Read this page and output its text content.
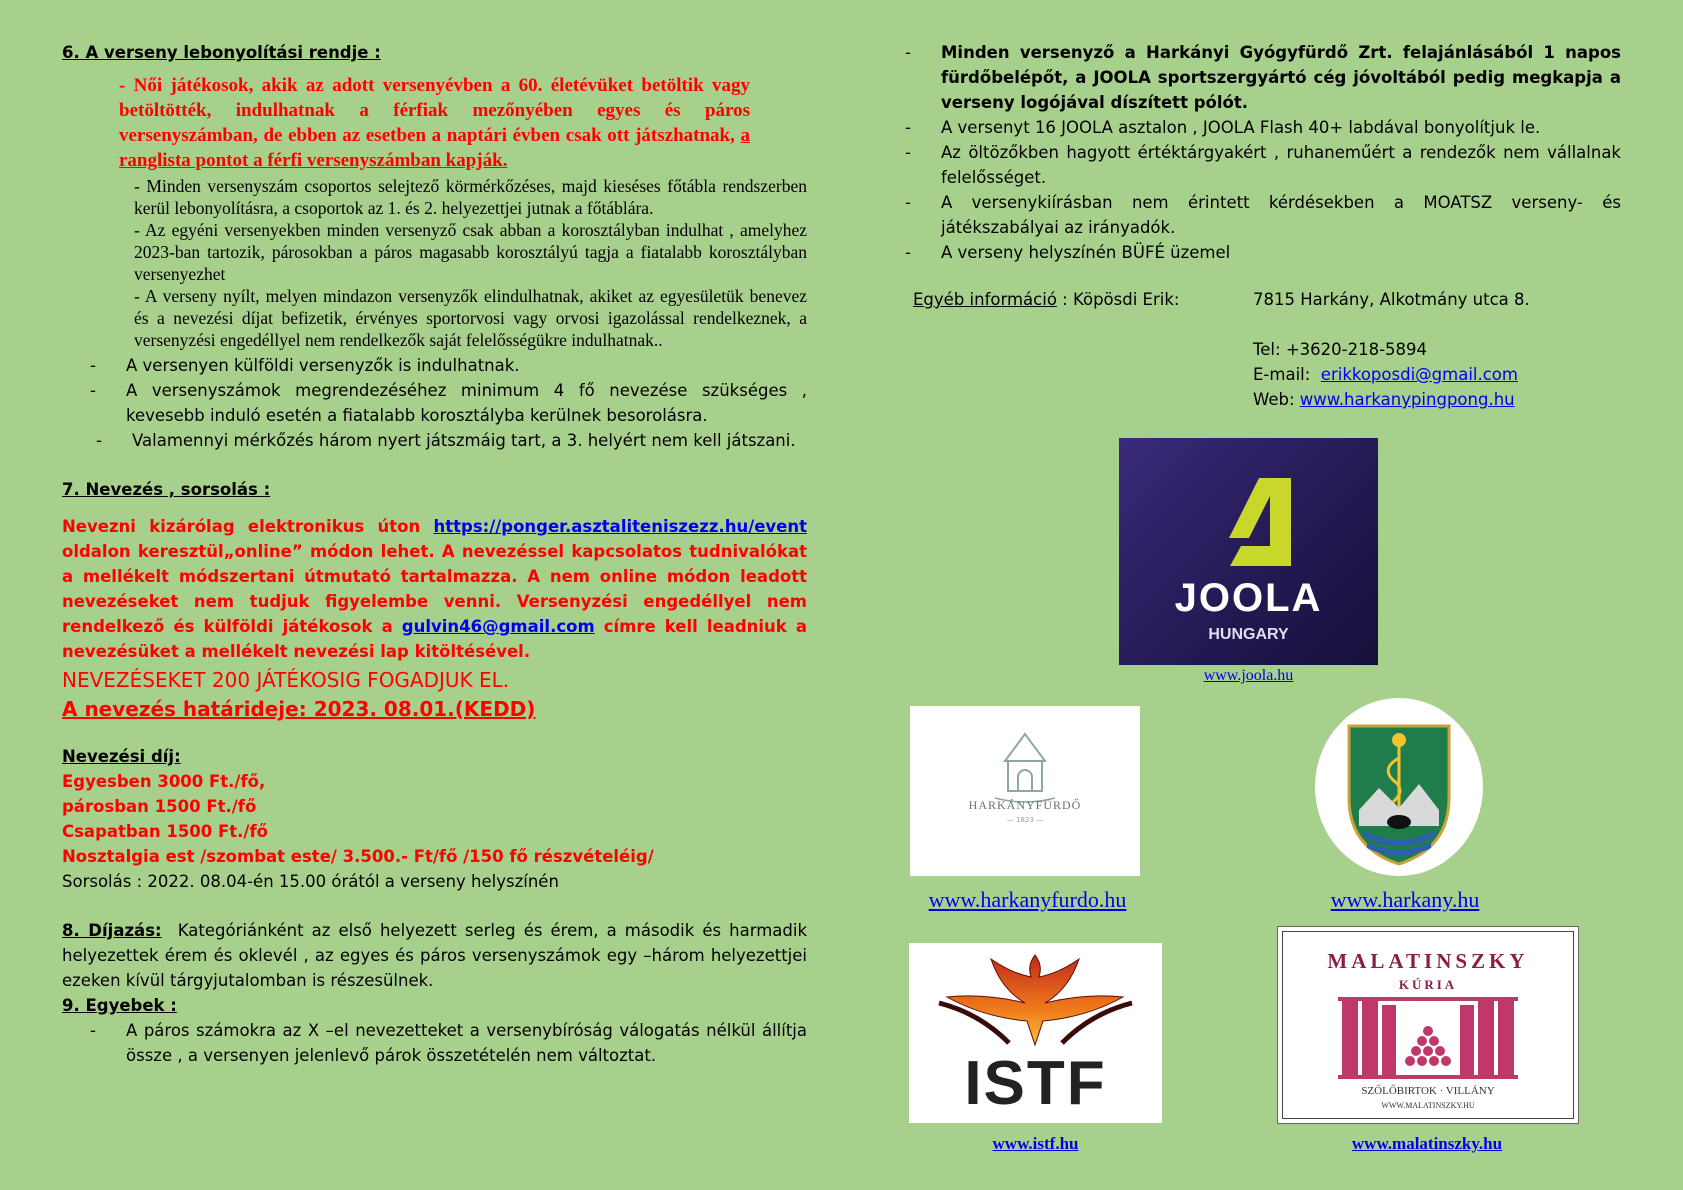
6. A verseny lebonyolítási rendje :
- Női játékosok, akik az adott versenyévben a 60. életévüket betöltik vagy betöltötték, indulhatnak a férfiak mezőnyében egyes és páros versenyszámban, de ebben az esetben a naptári évben csak ott játszhatnak, a ranglista pontot a férfi versenyszámban kapják.
- Minden versenyszám csoportos selejtező körmérkőzéses, majd kieséses főtábla rendszerben kerül lebonyolításra, a csoportok az 1. és 2. helyezettjei jutnak a főtáblára.
- Az egyéni versenyekben minden versenyző csak abban a korosztályban indulhat , amelyhez 2023-ban tartozik, párosokban a páros magasabb korosztályú tagja a fiatalabb korosztályban versenyezhet
- A verseny nyílt, melyen mindazon versenyzők elindulhatnak, akiket az egyesületük benevez és a nevezési díjat befizetik, érvényes sportorvosi vagy orvosi igazolással rendelkeznek, a versenyzési engedéllyel nem rendelkezők saját felelősségükre indulhatnak..
-	A versenyen külföldi versenyzők is indulhatnak.
-	A versenyszámok megrendezéséhez minimum 4 fő nevezése szükséges , kevesebb induló esetén a fiatalabb korosztályba kerülnek besorolásra.
-	Valamennyi mérkőzés három nyert játszmáig tart, a 3. helyért nem kell játszani.
7. Nevezés , sorsolás :
Nevezni kizárólag elektronikus úton https://ponger.asztaliteniszezz.hu/event oldalon keresztül„online” módon lehet. A nevezéssel kapcsolatos tudnivalókat a mellékelt módszertani útmutató tartalmazza. A nem online módon leadott nevezéseket nem tudjuk figyelembe venni. Versenyzési engedéllyel nem rendelkező és külföldi játékosok a gulvin46@gmail.com címre kell leadniuk a nevezésüket a mellékelt nevezési lap kitöltésével.
NEVEZÉSEKET 200 JÁTÉKOSIG FOGADJUK EL.
A nevezés határideje: 2023. 08.01.(KEDD)
Nevezési díj:
Egyesben 3000 Ft./fő,
párosban 1500 Ft./fő
Csapatban 1500 Ft./fő
Nosztalgia est /szombat este/ 3.500.- Ft/fő /150 fő részvételéig/
Sorsolás : 2022. 08.04-én 15.00 órától a verseny helyszínén
8. Díjazás: Kategóriánként az első helyezett serleg és érem, a második és harmadik helyezettek érem és oklevél , az egyes és páros versenyszámok egy –három helyezettjei ezeken kívül tárgyjutalomban is részesülnek.
9. Egyebek :
-	A páros számokra az X –el nevezetteket a versenybíróság válogatás nélkül állítja össze , a versenyen jelenlevő párok összetételén nem változtat.
-	Minden versenyző a Harkányi Gyógyfürdő Zrt. felajánlásából 1 napos fürdőbelépőt, a JOOLA sportszergyártó cég jóvoltából pedig megkapja a verseny logójával díszített pólót.
-	A versenyt 16 JOOLA asztalon , JOOLA Flash 40+ labdával bonyolítjuk le.
-	Az öltözőkben hagyott értéktárgyakért , ruhaneműért a rendezők nem vállalnak felelősséget.
-	A versenykiírásban nem érintett kérdésekben a MOATSZ verseny- és játékszabályai az irányadók.
-	A verseny helyszínén BÜFÉ üzemel
Egyéb információ : Köpösdi Erik:	7815 Harkány, Alkotmány utca 8.
Tel: +3620-218-5894
E-mail: erikkoposdi@gmail.com
Web: www.harkanypingpong.hu
JOOLA
HUNGARY
www.joola.hu
HARKÁNYFÜRDŐ
— 1823 —
www.harkanyfurdo.hu	www.harkany.hu
ISTF
www.istf.hu
MALATINSZKY
KÚRIA
SZŐLŐBIRTOK · VILLÁNY
WWW.MALATINSZKY.HU
www.malatinszky.hu
